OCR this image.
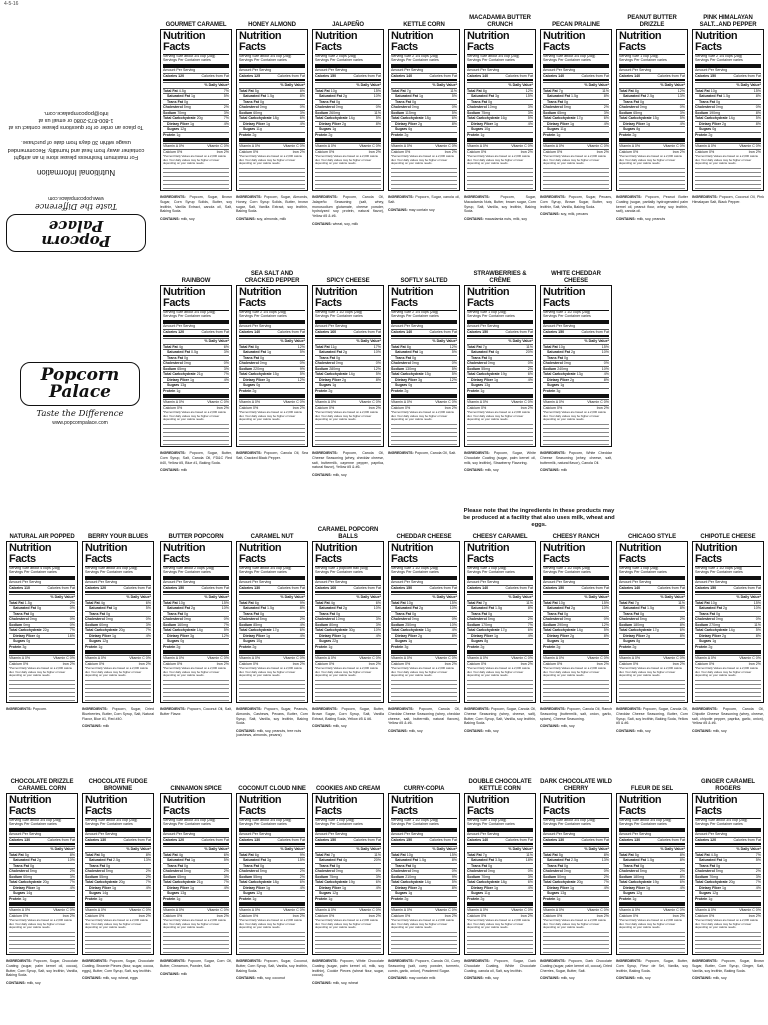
4-5-16
Popcorn Palace
Taste the Difference
www.popcornpalace.com
Nutritional Information
For maximum freshness please store in an airtight container away from heat and humidity. Recommended usage within 30 days from date of purchase.
To place an order or for questions please contact us at 1-800-873-2080 or email us at info@popcornpalace.com.
Popcorn Palace
Taste the Difference
www.popcornpalace.com
Please note that the ingredients in these products may be produced at a facility that also uses milk, wheat and eggs.
GOURMET CARAMEL
Nutrition Facts
Serving Size about 3/4 cup (28g)
Servings Per Container varies
Amount Per Serving
Calories 120	Calories from Fat
% Daily Value*
Total Fat 4.5g	7%
Saturated Fat 1g	5%
Trans Fat 0g
Cholesterol 5mg	2%
Sodium 70mg	3%
Total Carbohydrate 20g	7%
Dietary Fiber 1g	4%
Sugars 12g
Protein 1g
Vitamin A 0%	Vitamin C 0%
Calcium 0%	Iron 2%
*Percent Daily Values are based on a 2,000 calorie diet. Your daily values may be higher or lower depending on your calorie needs.
INGREDIENTS: Popcorn, Sugar, Brown Sugar, Corn Syrup Solids, Butter, soy lecithin, Vanilla Extract, canola oil, Salt, Baking Soda.
CONTAINS: milk, soy
HONEY ALMOND
Nutrition Facts
Serving Size about 3/4 cup (28g)
Servings Per Container varies
Amount Per Serving
Calories 125	Calories from Fat
% Daily Value*
Total Fat 5g	8%
Saturated Fat 1.5g	8%
Trans Fat 0g
Cholesterol 0mg	0%
Sodium 60mg	3%
Total Carbohydrate 18g	6%
Dietary Fiber 1g	4%
Sugars 11g
Protein 2g
Vitamin A 0%	Vitamin C 0%
Calcium 0%	Iron 2%
*Percent Daily Values are based on a 2,000 calorie diet. Your daily values may be higher or lower depending on your calorie needs.
INGREDIENTS: Popcorn, Sugar, Almonds, Honey, Corn Syrup Solids, Butter, brown sugar, Salt, Vanilla Extract, soy lecithin, Baking Soda.
CONTAINS: soy, almonds, milk
JALAPEÑO
Nutrition Facts
Serving Size 2 cups (28g)
Servings Per Container varies
Amount Per Serving
Calories 150	Calories from Fat
% Daily Value*
Total Fat 10g	15%
Saturated Fat 2g	10%
Trans Fat 0g
Cholesterol 0mg	0%
Sodium 260mg	11%
Total Carbohydrate 14g	5%
Dietary Fiber 2g	8%
Sugars 1g
Protein 2g
Vitamin A 0%	Vitamin C 0%
Calcium 0%	Iron 2%
*Percent Daily Values are based on a 2,000 calorie diet. Your daily values may be higher or lower depending on your calorie needs.
INGREDIENTS: Popcorn, Canola Oil, Jalapeño Seasoning (salt, whey, monosodium glutamate, cheese powder, hydrolyzed soy protein, natural flavor), Yellow #5 & #6.
CONTAINS: wheat, soy, milk
KETTLE CORN
Nutrition Facts
Serving Size 2 1/4 cups (28g)
Servings Per Container varies
Amount Per Serving
Calories 140	Calories from Fat
% Daily Value*
Total Fat 7g	11%
Saturated Fat 1g	5%
Trans Fat 0g
Cholesterol 0mg	0%
Sodium 115mg	5%
Total Carbohydrate 18g	6%
Dietary Fiber 2g	8%
Sugars 6g
Protein 2g
Vitamin A 0%	Vitamin C 0%
Calcium 0%	Iron 2%
*Percent Daily Values are based on a 2,000 calorie diet. Your daily values may be higher or lower depending on your calorie needs.
INGREDIENTS: Popcorn, Sugar, canola oil, Salt.
CONTAINS: may contain soy
MACADAMIA BUTTER CRUNCH
Nutrition Facts
Serving Size about 3/4 cup (28g)
Servings Per Container varies
Amount Per Serving
Calories 140	Calories from Fat
% Daily Value*
Total Fat 8g	12%
Saturated Fat 3g	15%
Trans Fat 0g
Cholesterol 10mg	3%
Sodium 75mg	3%
Total Carbohydrate 16g	5%
Dietary Fiber 1g	4%
Sugars 10g
Protein 1g
Vitamin A 0%	Vitamin C 0%
Calcium 0%	Iron 2%
*Percent Daily Values are based on a 2,000 calorie diet. Your daily values may be higher or lower depending on your calorie needs.
INGREDIENTS:	Popcorn, Sugar, Macadamia Nuts, Butter, brown sugar, Corn Syrup, Salt, Vanilla, soy lecithin, Baking Soda.
CONTAINS: macadamia nuts, milk, soy
PECAN PRALINE
Nutrition Facts
Serving Size about 3/4 cup (28g)
Servings Per Container varies
Amount Per Serving
Calories 140	Calories from Fat
% Daily Value*
Total Fat 7g	11%
Saturated Fat 1.5g	8%
Trans Fat 0g
Cholesterol 5mg	2%
Sodium 65mg	3%
Total Carbohydrate 17g	6%
Dietary Fiber 1g	4%
Sugars 11g
Protein 1g
Vitamin A 0%	Vitamin C 0%
Calcium 0%	Iron 2%
*Percent Daily Values are based on a 2,000 calorie diet. Your daily values may be higher or lower depending on your calorie needs.
INGREDIENTS: Popcorn, Sugar, Pecans, Corn Syrup, Brown Sugar, Butter, soy lecithin, Salt, Vanilla, Baking Soda.
CONTAINS: soy, milk, pecans
PEANUT BUTTER DRIZZLE
Nutrition Facts
Serving Size 1 cup (28g)
Servings Per Container varies
Amount Per Serving
Calories 140	Calories from Fat
% Daily Value*
Total Fat 8g	12%
Saturated Fat 2.5g	13%
Trans Fat 0g
Cholesterol 0mg	0%
Sodium 65mg	3%
Total Carbohydrate 15g	5%
Dietary Fiber 1g	4%
Sugars 8g
Protein 2g
Vitamin A 0%	Vitamin C 0%
Calcium 0%	Iron 2%
*Percent Daily Values are based on a 2,000 calorie diet. Your daily values may be higher or lower depending on your calorie needs.
INGREDIENTS: Popcorn, Peanut Butter Coating (sugar, partially hydrogenated palm kernel oil, peanut flour, whey, soy lecithin, salt), canola oil.
CONTAINS: milk, soy, peanuts
PINK HIMALAYAN SALT...AND PEPPER
Nutrition Facts
Serving Size 2 1/4 cups (28g)
Servings Per Container varies
Amount Per Serving
Calories 150	Calories from Fat
% Daily Value*
Total Fat 10g	15%
Saturated Fat 1.5g	8%
Trans Fat 0g
Cholesterol 0mg	0%
Sodium 190mg	8%
Total Carbohydrate 14g	5%
Dietary Fiber 2g	8%
Sugars 0g
Protein 2g
Vitamin A 0%	Vitamin C 0%
Calcium 0%	Iron 2%
*Percent Daily Values are based on a 2,000 calorie diet. Your daily values may be higher or lower depending on your calorie needs.
INGREDIENTS: Popcorn, Coconut Oil, Pink Himalayan Salt, Black Pepper.
RAINBOW
Nutrition Facts
Serving Size about 3/4 cup (28g)
Servings Per Container varies
Amount Per Serving
Calories 120	Calories from Fat
% Daily Value*
Total Fat 4g	6%
Saturated Fat 0.5g	3%
Trans Fat 0g
Cholesterol 0mg	0%
Sodium 65mg	3%
Total Carbohydrate 21g	7%
Dietary Fiber 1g	4%
Sugars 13g
Protein 1g
Vitamin A 0%	Vitamin C 0%
Calcium 0%	Iron 2%
*Percent Daily Values are based on a 2,000 calorie diet. Your daily values may be higher or lower depending on your calorie needs.
INGREDIENTS: Popcorn, Sugar, Butter, Corn Syrup, Salt, Canola Oil, FD&C Red #40, Yellow #5, Blue #1, Baking Soda.
CONTAINS: milk
SEA SALT AND CRACKED PEPPER
Nutrition Facts
Serving Size 2 1/4 cups (28g)
Servings Per Container varies
Amount Per Serving
Calories 140	Calories from Fat
% Daily Value*
Total Fat 8g	12%
Saturated Fat 1g	5%
Trans Fat 0g
Cholesterol 0mg	0%
Sodium 220mg	9%
Total Carbohydrate 15g	5%
Dietary Fiber 3g	12%
Sugars 0g
Protein 2g
Vitamin A 0%	Vitamin C 0%
Calcium 0%	Iron 2%
*Percent Daily Values are based on a 2,000 calorie diet. Your daily values may be higher or lower depending on your calorie needs.
INGREDIENTS: Popcorn, Canola Oil, Sea Salt, Cracked Black Pepper.
SPICY CHEESE
Nutrition Facts
Serving Size 1 1/2 cups (28g)
Servings Per Container varies
Amount Per Serving
Calories 160	Calories from Fat
% Daily Value*
Total Fat 11g	17%
Saturated Fat 2g	10%
Trans Fat 0g
Cholesterol 0mg	0%
Sodium 280mg	12%
Total Carbohydrate 14g	5%
Dietary Fiber 2g	8%
Sugars 1g
Protein 2g
Vitamin A 0%	Vitamin C 0%
Calcium 0%	Iron 2%
*Percent Daily Values are based on a 2,000 calorie diet. Your daily values may be higher or lower depending on your calorie needs.
INGREDIENTS: Popcorn, Canola Oil, Cheese Seasoning (whey, cheddar cheese, salt, buttermilk, cayenne pepper, paprika, natural flavor), Yellow #5 & #6.
CONTAINS: milk, soy
SOFTLY SALTED
Nutrition Facts
Serving Size 2 1/4 cups (28g)
Servings Per Container varies
Amount Per Serving
Calories 140	Calories from Fat
% Daily Value*
Total Fat 8g	12%
Saturated Fat 1g	5%
Trans Fat 0g
Cholesterol 0mg	0%
Sodium 130mg	5%
Total Carbohydrate 15g	5%
Dietary Fiber 3g	12%
Sugars 0g
Protein 2g
Vitamin A 0%	Vitamin C 0%
Calcium 0%	Iron 2%
*Percent Daily Values are based on a 2,000 calorie diet. Your daily values may be higher or lower depending on your calorie needs.
INGREDIENTS: Popcorn, Canola Oil, Salt.
STRAWBERRIES & CRÈME
Nutrition Facts
Serving Size 1 cup (28g)
Servings Per Container varies
Amount Per Serving
Calories 150	Calories from Fat
% Daily Value*
Total Fat 7g	11%
Saturated Fat 4g	20%
Trans Fat 0g
Cholesterol 0mg	0%
Sodium 55mg	2%
Total Carbohydrate 19g	6%
Dietary Fiber 1g	4%
Sugars 13g
Protein 1g
Vitamin A 0%	Vitamin C 0%
Calcium 0%	Iron 2%
*Percent Daily Values are based on a 2,000 calorie diet. Your daily values may be higher or lower depending on your calorie needs.
INGREDIENTS: Popcorn, Sugar, White Chocolate Coating (sugar, palm kernel oil, milk, soy lecithin), Strawberry Flavoring.
CONTAINS: milk, soy
WHITE CHEDDAR CHEESE
Nutrition Facts
Serving Size 1 1/2 cups (28g)
Servings Per Container varies
Amount Per Serving
Calories 150	Calories from Fat
% Daily Value*
Total Fat 10g	15%
Saturated Fat 2g	10%
Trans Fat 0g
Cholesterol 0mg	0%
Sodium 240mg	10%
Total Carbohydrate 13g	4%
Dietary Fiber 2g	8%
Sugars 1g
Protein 3g
Vitamin A 0%	Vitamin C 0%
Calcium 0%	Iron 2%
*Percent Daily Values are based on a 2,000 calorie diet. Your daily values may be higher or lower depending on your calorie needs.
INGREDIENTS: Popcorn, White Cheddar Cheese Seasoning (whey, cheese, salt, buttermilk, natural flavor), Canola Oil.
CONTAINS: milk
NATURAL AIR POPPED
Nutrition Facts
Serving Size about 4 cups (28g)
Servings Per Container varies
Amount Per Serving
Calories 110	Calories from Fat
% Daily Value*
Total Fat 1.5g	2%
Saturated Fat 0g	0%
Trans Fat 0g
Cholesterol 0mg	0%
Sodium 0mg	0%
Total Carbohydrate 22g	7%
Dietary Fiber 4g	16%
Sugars 0g
Protein 3g
Vitamin A 0%	Vitamin C 0%
Calcium 0%	Iron 2%
*Percent Daily Values are based on a 2,000 calorie diet. Your daily values may be higher or lower depending on your calorie needs.
INGREDIENTS: Popcorn.
BERRY YOUR BLUES
Nutrition Facts
Serving Size about 3/4 cup (28g)
Servings Per Container varies
Amount Per Serving
Calories 120	Calories from Fat
% Daily Value*
Total Fat 4g	6%
Saturated Fat 1g	5%
Trans Fat 0g
Cholesterol 0mg	0%
Sodium 60mg	3%
Total Carbohydrate 20g	7%
Dietary Fiber 1g	4%
Sugars 12g
Protein 1g
Vitamin A 0%	Vitamin C 0%
Calcium 0%	Iron 2%
*Percent Daily Values are based on a 2,000 calorie diet. Your daily values may be higher or lower depending on your calorie needs.
INGREDIENTS: Popcorn, Sugar, Dried Blueberries, Butter, Corn Syrup, Salt, Natural Flavor, Blue #1, Red #40.
CONTAINS: milk
BUTTER POPCORN
Nutrition Facts
Serving Size about 2 cups (28g)
Servings Per Container varies
Amount Per Serving
Calories 150	Calories from Fat
% Daily Value*
Total Fat 10g	15%
Saturated Fat 2g	10%
Trans Fat 0g
Cholesterol 0mg	0%
Sodium 160mg	7%
Total Carbohydrate 14g	5%
Dietary Fiber 3g	12%
Sugars 0g
Protein 2g
Vitamin A 0%	Vitamin C 0%
Calcium 0%	Iron 2%
*Percent Daily Values are based on a 2,000 calorie diet. Your daily values may be higher or lower depending on your calorie needs.
INGREDIENTS: Popcorn, Coconut Oil, Salt, Butter Flavor.
CARAMEL NUT
Nutrition Facts
Serving Size about 3/4 cup (28g)
Servings Per Container varies
Amount Per Serving
Calories 130	Calories from Fat
% Daily Value*
Total Fat 6g	9%
Saturated Fat 1.5g	8%
Trans Fat 0g
Cholesterol 5mg	2%
Sodium 85mg	4%
Total Carbohydrate 17g	6%
Dietary Fiber 1g	4%
Sugars 10g
Protein 2g
Vitamin A 0%	Vitamin C 0%
Calcium 0%	Iron 2%
*Percent Daily Values are based on a 2,000 calorie diet. Your daily values may be higher or lower depending on your calorie needs.
INGREDIENTS: Popcorn, Sugar, Peanuts, Almonds, Cashews, Pecans, Butter, Corn Syrup, Salt, Vanilla, soy lecithin, Baking Soda.
CONTAINS: milk, soy, peanuts, tree nuts (cashews, almonds, pecans)
CARAMEL POPCORN BALLS
Nutrition Facts
Serving Size 1 popcorn ball (40g)
Servings Per Container varies
Amount Per Serving
Calories 160	Calories from Fat
% Daily Value*
Total Fat 4g	6%
Saturated Fat 2g	10%
Trans Fat 0g
Cholesterol 10mg	3%
Sodium 80mg	3%
Total Carbohydrate 30g	10%
Dietary Fiber 1g	4%
Sugars 22g
Protein 1g
Vitamin A 0%	Vitamin C 0%
Calcium 0%	Iron 2%
*Percent Daily Values are based on a 2,000 calorie diet. Your daily values may be higher or lower depending on your calorie needs.
INGREDIENTS: Popcorn, Sugar, Butter, Brown Sugar, Corn Syrup, Salt, Vanilla Extract, Baking Soda, Yellow #5 & #6.
CONTAINS: milk, soy
CHEDDAR CHEESE
Nutrition Facts
Serving Size 1 1/2 cups (28g)
Servings Per Container varies
Amount Per Serving
Calories 150	Calories from Fat
% Daily Value*
Total Fat 10g	15%
Saturated Fat 2g	10%
Trans Fat 0g
Cholesterol 0mg	0%
Sodium 250mg	10%
Total Carbohydrate 13g	4%
Dietary Fiber 2g	8%
Sugars 1g
Protein 3g
Vitamin A 0%	Vitamin C 0%
Calcium 0%	Iron 2%
*Percent Daily Values are based on a 2,000 calorie diet. Your daily values may be higher or lower depending on your calorie needs.
INGREDIENTS: Popcorn, Canola Oil, Cheddar Cheese Seasoning (whey, cheddar cheese, salt, buttermilk, natural flavors), Yellow #5 & #6.
CONTAINS: milk, soy
CHEESY CARAMEL
Nutrition Facts
Serving Size 1 cup (28g)
Servings Per Container varies
Amount Per Serving
Calories 140	Calories from Fat
% Daily Value*
Total Fat 7g	11%
Saturated Fat 1.5g	8%
Trans Fat 0g
Cholesterol 5mg	2%
Sodium 170mg	7%
Total Carbohydrate 17g	6%
Dietary Fiber 1g	4%
Sugars 8g
Protein 2g
Vitamin A 0%	Vitamin C 0%
Calcium 0%	Iron 2%
*Percent Daily Values are based on a 2,000 calorie diet. Your daily values may be higher or lower depending on your calorie needs.
INGREDIENTS: Popcorn, Sugar, Canola Oil, Cheese Seasoning (whey, cheese, salt), Butter, Corn Syrup, Salt, Vanilla, soy lecithin, Baking Soda.
CONTAINS: milk, soy
CHEESY RANCH
Nutrition Facts
Serving Size 1 1/2 cups (28g)
Servings Per Container varies
Amount Per Serving
Calories 150	Calories from Fat
% Daily Value*
Total Fat 10g	15%
Saturated Fat 2g	10%
Trans Fat 0g
Cholesterol 0mg	0%
Sodium 290mg	12%
Total Carbohydrate 14g	5%
Dietary Fiber 2g	8%
Sugars 1g
Protein 2g
Vitamin A 0%	Vitamin C 0%
Calcium 0%	Iron 2%
*Percent Daily Values are based on a 2,000 calorie diet. Your daily values may be higher or lower depending on your calorie needs.
INGREDIENTS: Popcorn, Canola Oil, Ranch Seasoning (buttermilk, salt, onion, garlic, spices), Cheese Seasoning.
CONTAINS: milk, soy
CHICAGO STYLE
Nutrition Facts
Serving Size 1 cup (28g)
Servings Per Container varies
Amount Per Serving
Calories 140	Calories from Fat
% Daily Value*
Total Fat 7g	11%
Saturated Fat 1.5g	8%
Trans Fat 0g
Cholesterol 5mg	2%
Sodium 180mg	8%
Total Carbohydrate 17g	6%
Dietary Fiber 2g	8%
Sugars 8g
Protein 2g
Vitamin A 0%	Vitamin C 0%
Calcium 0%	Iron 2%
*Percent Daily Values are based on a 2,000 calorie diet. Your daily values may be higher or lower depending on your calorie needs.
INGREDIENTS: Popcorn, Sugar, Canola Oil, Cheddar Cheese Seasoning, Butter, Corn Syrup, Salt, soy lecithin, Baking Soda, Yellow #5 & #6.
CONTAINS: milk, soy
CHIPOTLE CHEESE
Nutrition Facts
Serving Size 1 1/2 cups (28g)
Servings Per Container varies
Amount Per Serving
Calories 150	Calories from Fat
% Daily Value*
Total Fat 10g	15%
Saturated Fat 2g	10%
Trans Fat 0g
Cholesterol 0mg	0%
Sodium 270mg	11%
Total Carbohydrate 14g	5%
Dietary Fiber 2g	8%
Sugars 1g
Protein 2g
Vitamin A 0%	Vitamin C 0%
Calcium 0%	Iron 2%
*Percent Daily Values are based on a 2,000 calorie diet. Your daily values may be higher or lower depending on your calorie needs.
INGREDIENTS: Popcorn, Canola Oil, Chipotle Cheese Seasoning (whey, cheese, salt, chipotle pepper, paprika, garlic, onion), Yellow #5 & #6.
CONTAINS: milk, soy
CHOCOLATE DRIZZLE CARAMEL CORN
Nutrition Facts
Serving Size about 3/4 cup (28g)
Servings Per Container varies
Amount Per Serving
Calories 130	Calories from Fat
% Daily Value*
Total Fat 5g	8%
Saturated Fat 2g	10%
Trans Fat 0g
Cholesterol 5mg	2%
Sodium 60mg	3%
Total Carbohydrate 20g	7%
Dietary Fiber 1g	4%
Sugars 14g
Protein 1g
Vitamin A 0%	Vitamin C 0%
Calcium 0%	Iron 2%
*Percent Daily Values are based on a 2,000 calorie diet. Your daily values may be higher or lower depending on your calorie needs.
INGREDIENTS: Popcorn, Sugar, Chocolate Coating (sugar, palm kernel oil, cocoa), Butter, Corn Syrup, Salt, soy lecithin, Vanilla, Baking Soda.
CONTAINS: milk, soy
CHOCOLATE FUDGE BROWNIE
Nutrition Facts
Serving Size about 3/4 cup (28g)
Servings Per Container varies
Amount Per Serving
Calories 130	Calories from Fat
% Daily Value*
Total Fat 5g	8%
Saturated Fat 2.5g	13%
Trans Fat 0g
Cholesterol 5mg	2%
Sodium 55mg	2%
Total Carbohydrate 20g	7%
Dietary Fiber 1g	4%
Sugars 14g
Protein 1g
Vitamin A 0%	Vitamin C 0%
Calcium 0%	Iron 2%
*Percent Daily Values are based on a 2,000 calorie diet. Your daily values may be higher or lower depending on your calorie needs.
INGREDIENTS: Popcorn, Sugar, Chocolate Coating, Brownie Pieces (flour, sugar, cocoa, eggs), Butter, Corn Syrup, Salt, soy lecithin.
CONTAINS: milk, soy, wheat, eggs
CINNAMON SPICE
Nutrition Facts
Serving Size about 3/4 cup (28g)
Servings Per Container varies
Amount Per Serving
Calories 120	Calories from Fat
% Daily Value*
Total Fat 4g	6%
Saturated Fat 1g	5%
Trans Fat 0g
Cholesterol 5mg	2%
Sodium 65mg	3%
Total Carbohydrate 21g	7%
Dietary Fiber 1g	4%
Sugars 13g
Protein 1g
Vitamin A 0%	Vitamin C 0%
Calcium 0%	Iron 2%
*Percent Daily Values are based on a 2,000 calorie diet. Your daily values may be higher or lower depending on your calorie needs.
INGREDIENTS: Popcorn, Sugar, Corn Oil, Butter, Cinnamon, Powder, Salt.
CONTAINS: milk
COCONUT CLOUD NINE
Nutrition Facts
Serving Size about 3/4 cup (28g)
Servings Per Container varies
Amount Per Serving
Calories 130	Calories from Fat
% Daily Value*
Total Fat 6g	9%
Saturated Fat 3g	15%
Trans Fat 0g
Cholesterol 5mg	2%
Sodium 55mg	2%
Total Carbohydrate 18g	6%
Dietary Fiber 1g	4%
Sugars 12g
Protein 1g
Vitamin A 0%	Vitamin C 0%
Calcium 0%	Iron 2%
*Percent Daily Values are based on a 2,000 calorie diet. Your daily values may be higher or lower depending on your calorie needs.
INGREDIENTS: Popcorn, Sugar, Coconut, Butter, Corn Syrup, Salt, Vanilla, soy lecithin, Baking Soda.
CONTAINS: milk, soy, coconut
COOKIES AND CREAM
Nutrition Facts
Serving Size 1 cup (28g)
Servings Per Container varies
Amount Per Serving
Calories 150	Calories from Fat
% Daily Value*
Total Fat 7g	11%
Saturated Fat 4g	20%
Trans Fat 0g
Cholesterol 0mg	0%
Sodium 75mg	3%
Total Carbohydrate 19g	6%
Dietary Fiber 1g	4%
Sugars 12g
Protein 1g
Vitamin A 0%	Vitamin C 0%
Calcium 0%	Iron 2%
*Percent Daily Values are based on a 2,000 calorie diet. Your daily values may be higher or lower depending on your calorie needs.
INGREDIENTS: Popcorn, White Chocolate Coating (sugar, palm kernel oil, milk, soy lecithin), Cookie Pieces (wheat flour, sugar, cocoa).
CONTAINS: milk, soy, wheat
CURRY-COPIA
Nutrition Facts
Serving Size 1 1/2 cups (28g)
Servings Per Container varies
Amount Per Serving
Calories 150	Calories from Fat
% Daily Value*
Total Fat 10g	15%
Saturated Fat 1.5g	8%
Trans Fat 0g
Cholesterol 0mg	0%
Sodium 210mg	9%
Total Carbohydrate 14g	5%
Dietary Fiber 2g	8%
Sugars 1g
Protein 2g
Vitamin A 0%	Vitamin C 0%
Calcium 0%	Iron 2%
*Percent Daily Values are based on a 2,000 calorie diet. Your daily values may be higher or lower depending on your calorie needs.
INGREDIENTS: Popcorn, Canola Oil, Curry Seasoning (salt, curry powder, turmeric, cumin, garlic, onion), Powdered Sugar.
CONTAINS: may contain milk
DOUBLE CHOCOLATE KETTLE CORN
Nutrition Facts
Serving Size 1 cup (28g)
Servings Per Container varies
Amount Per Serving
Calories 140	Calories from Fat
% Daily Value*
Total Fat 7g	11%
Saturated Fat 3.5g	18%
Trans Fat 0g
Cholesterol 0mg	0%
Sodium 70mg	3%
Total Carbohydrate 18g	6%
Dietary Fiber 1g	4%
Sugars 11g
Protein 2g
Vitamin A 0%	Vitamin C 0%
Calcium 0%	Iron 2%
*Percent Daily Values are based on a 2,000 calorie diet. Your daily values may be higher or lower depending on your calorie needs.
INGREDIENTS: Popcorn, Sugar, Dark Chocolate Coating, White Chocolate Coating, canola oil, Salt, soy lecithin.
CONTAINS: milk, soy
DARK CHOCOLATE WILD CHERRY
Nutrition Facts
Serving Size about 3/4 cup (28g)
Servings Per Container varies
Amount Per Serving
Calories 130	Calories from Fat
% Daily Value*
Total Fat 5g	8%
Saturated Fat 2.5g	13%
Trans Fat 0g
Cholesterol 0mg	0%
Sodium 50mg	2%
Total Carbohydrate 20g	7%
Dietary Fiber 1g	4%
Sugars 13g
Protein 1g
Vitamin A 0%	Vitamin C 0%
Calcium 0%	Iron 2%
*Percent Daily Values are based on a 2,000 calorie diet. Your daily values may be higher or lower depending on your calorie needs.
INGREDIENTS: Popcorn, Dark Chocolate Coating (sugar, palm kernel oil, cocoa), Dried Cherries, Sugar, Butter, Salt.
CONTAINS: milk, soy
FLEUR DE SEL
Nutrition Facts
Serving Size about 3/4 cup (28g)
Servings Per Container varies
Amount Per Serving
Calories 130	Calories from Fat
% Daily Value*
Total Fat 5g	8%
Saturated Fat 1.5g	8%
Trans Fat 0g
Cholesterol 5mg	2%
Sodium 180mg	8%
Total Carbohydrate 19g	6%
Dietary Fiber 1g	4%
Sugars 12g
Protein 1g
Vitamin A 0%	Vitamin C 0%
Calcium 0%	Iron 2%
*Percent Daily Values are based on a 2,000 calorie diet. Your daily values may be higher or lower depending on your calorie needs.
INGREDIENTS: Popcorn, Sugar, Butter, Corn Syrup, Fleur de Sel, Vanilla, soy lecithin, Baking Soda.
CONTAINS: milk, soy
GINGER CARAMEL ROGERS
Nutrition Facts
Serving Size about 3/4 cup (28g)
Servings Per Container varies
Amount Per Serving
Calories 120	Calories from Fat
% Daily Value*
Total Fat 4.5g	7%
Saturated Fat 1g	5%
Trans Fat 0g
Cholesterol 5mg	2%
Sodium 70mg	3%
Total Carbohydrate 20g	7%
Dietary Fiber 1g	4%
Sugars 12g
Protein 1g
Vitamin A 0%	Vitamin C 0%
Calcium 0%	Iron 2%
*Percent Daily Values are based on a 2,000 calorie diet. Your daily values may be higher or lower depending on your calorie needs.
INGREDIENTS: Popcorn, Sugar, Brown Sugar, Butter, Corn Syrup, Ginger, Salt, Vanilla, soy lecithin, Baking Soda.
CONTAINS: milk, soy
